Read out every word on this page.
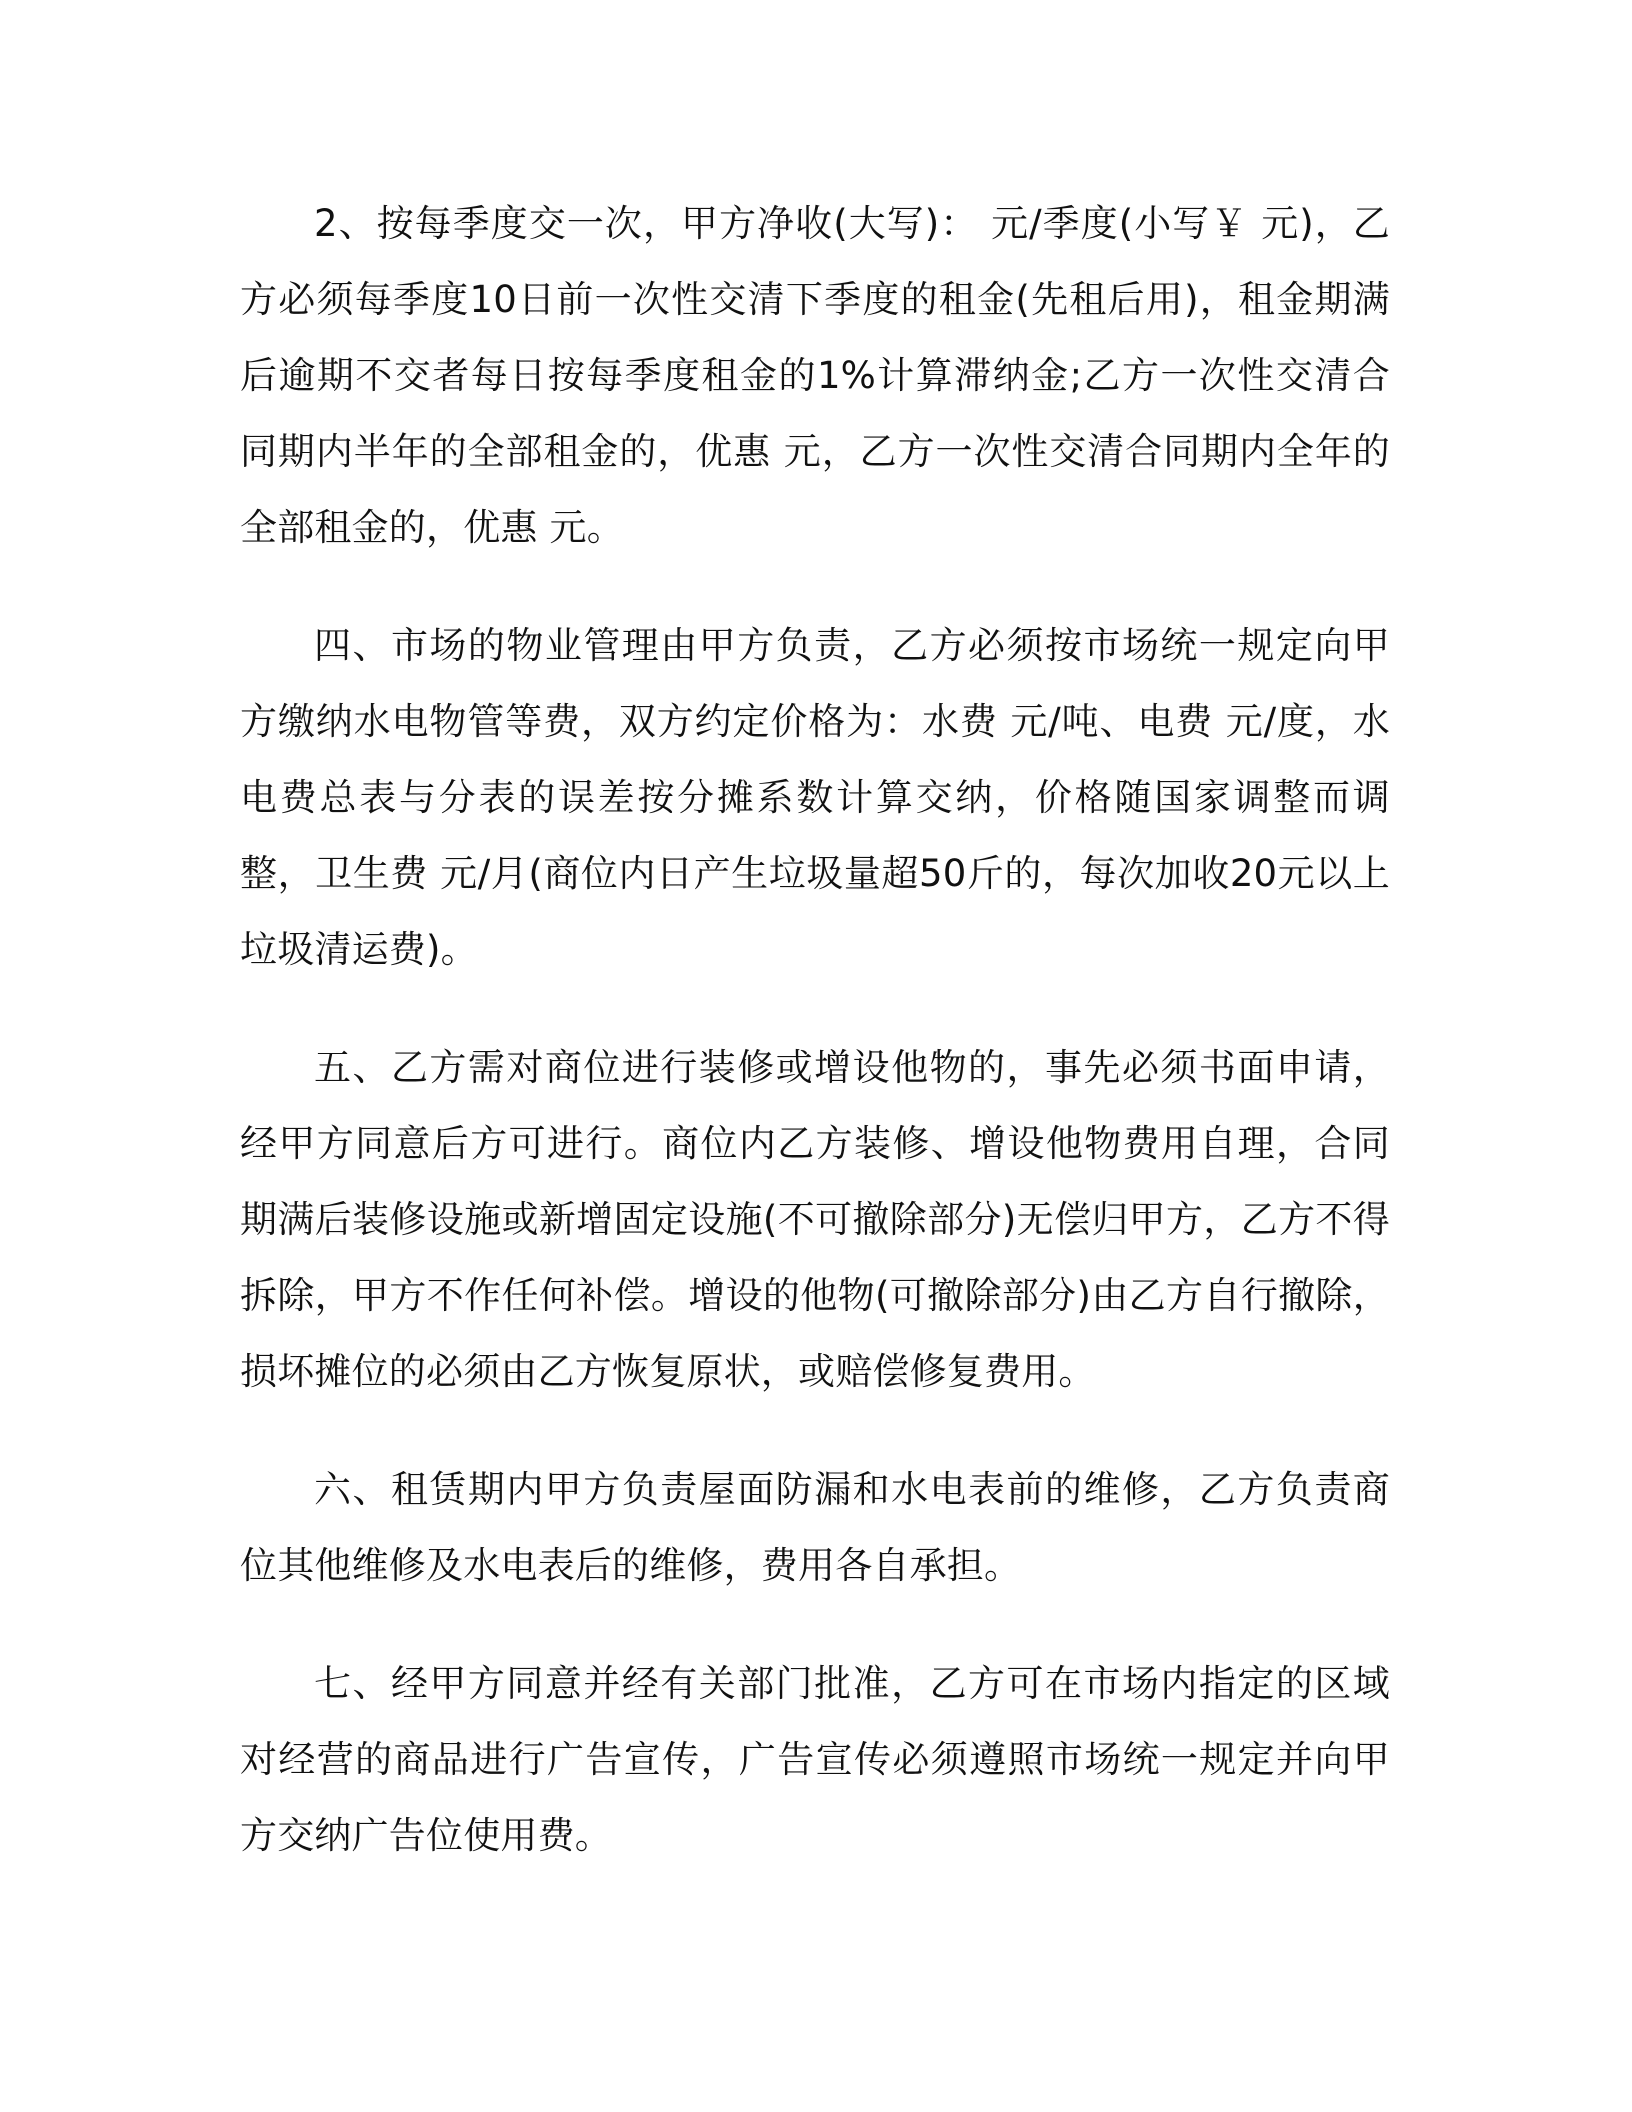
2、按每季度交一次，甲方净收(大写)： 元/季度(小写￥ 元)，乙方必须每季度10日前一次性交清下季度的租金(先租后用)，租金期满后逾期不交者每日按每季度租金的1%计算滞纳金;乙方一次性交清合同期内半年的全部租金的，优惠 元，乙方一次性交清合同期内全年的全部租金的，优惠 元。

四、市场的物业管理由甲方负责，乙方必须按市场统一规定向甲方缴纳水电物管等费，双方约定价格为：水费 元/吨、电费 元/度，水电费总表与分表的误差按分摊系数计算交纳，价格随国家调整而调整，卫生费 元/月(商位内日产生垃圾量超50斤的，每次加收20元以上垃圾清运费)。

五、乙方需对商位进行装修或增设他物的，事先必须书面申请，经甲方同意后方可进行。商位内乙方装修、增设他物费用自理，合同期满后装修设施或新增固定设施(不可撤除部分)无偿归甲方，乙方不得拆除，甲方不作任何补偿。增设的他物(可撤除部分)由乙方自行撤除，损坏摊位的必须由乙方恢复原状，或赔偿修复费用。

六、租赁期内甲方负责屋面防漏和水电表前的维修，乙方负责商位其他维修及水电表后的维修，费用各自承担。

七、经甲方同意并经有关部门批准，乙方可在市场内指定的区域对经营的商品进行广告宣传，广告宣传必须遵照市场统一规定并向甲方交纳广告位使用费。
